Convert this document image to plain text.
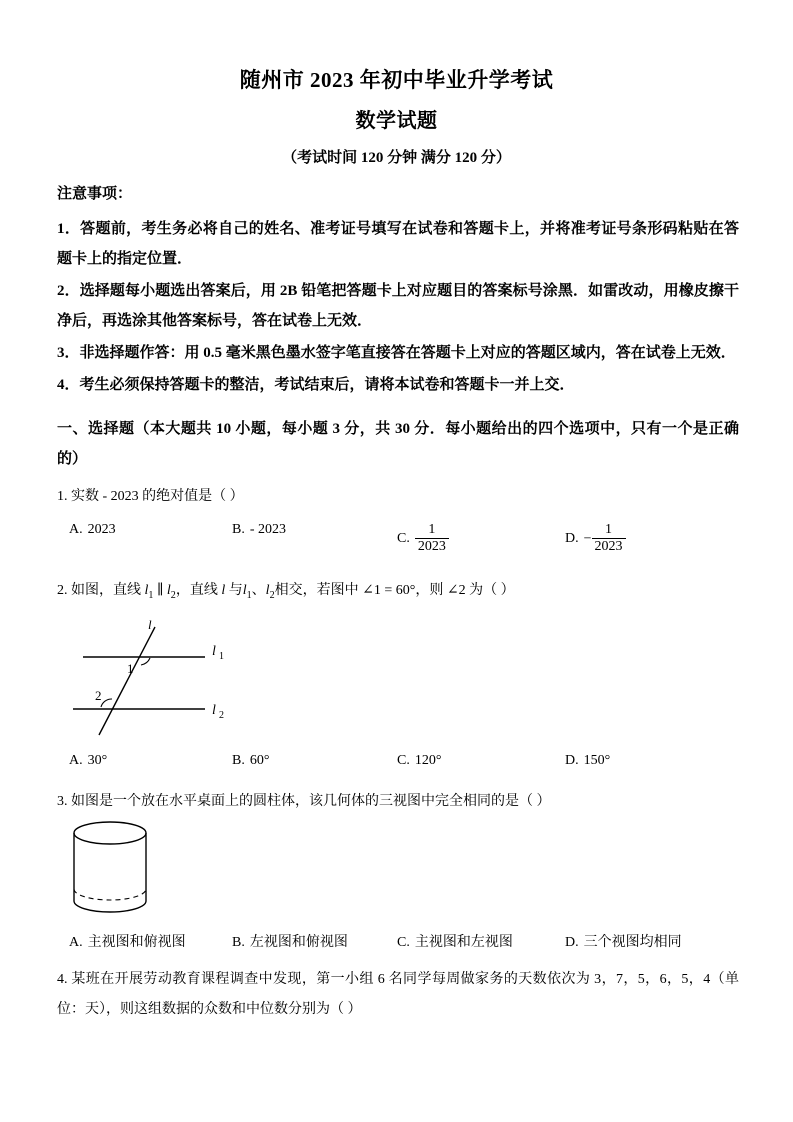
随州市 2023 年初中毕业升学考试
数学试题
（考试时间 120 分钟 满分 120 分）
注意事项：

1．答题前，考生务必将自己的姓名、准考证号填写在试卷和答题卡上，并将准考证号条形码粘贴在答题卡上的指定位置．

2．选择题每小题选出答案后，用 2B 铅笔把答题卡上对应题目的答案标号涂黑．如雷改动，用橡皮擦干净后，再选涂其他答案标号，答在试卷上无效．

3．非选择题作答：用 0.5 毫米黑色墨水签字笔直接答在答题卡上对应的答题区域内，答在试卷上无效．

4．考生必须保持答题卡的整洁，考试结束后，请将本试卷和答题卡一并上交．

一、选择题（本大题共 10 小题，每小题 3 分，共 30 分．每小题给出的四个选项中，只有一个是正确的）

1. 实数 - 2023 的绝对值是（ ）

A. 2023	B. - 2023
C. $\frac{1}{2023}$	D. − $\frac{1}{2023}$

2. 如图，直线 $l_1$ ∥ $l_2$，直线 l 与$l_1$、$l_2$相交，若图中 ∠1 = 60°，则 ∠2 为（ ）

l
l 1
l 2
1
2
A. 30°	B. 60°	C. 120°	D. 150°

3. 如图是一个放在水平桌面上的圆柱体，该几何体的三视图中完全相同的是（ ）

A. 主视图和俯视图	B. 左视图和俯视图	C. 主视图和左视图	D. 三个视图均相同

4. 某班在开展劳动教育课程调查中发现，第一小组 6 名同学每周做家务的天数依次为 3，7，5，6，5，4（单位：天），则这组数据的众数和中位数分别为（ ）
